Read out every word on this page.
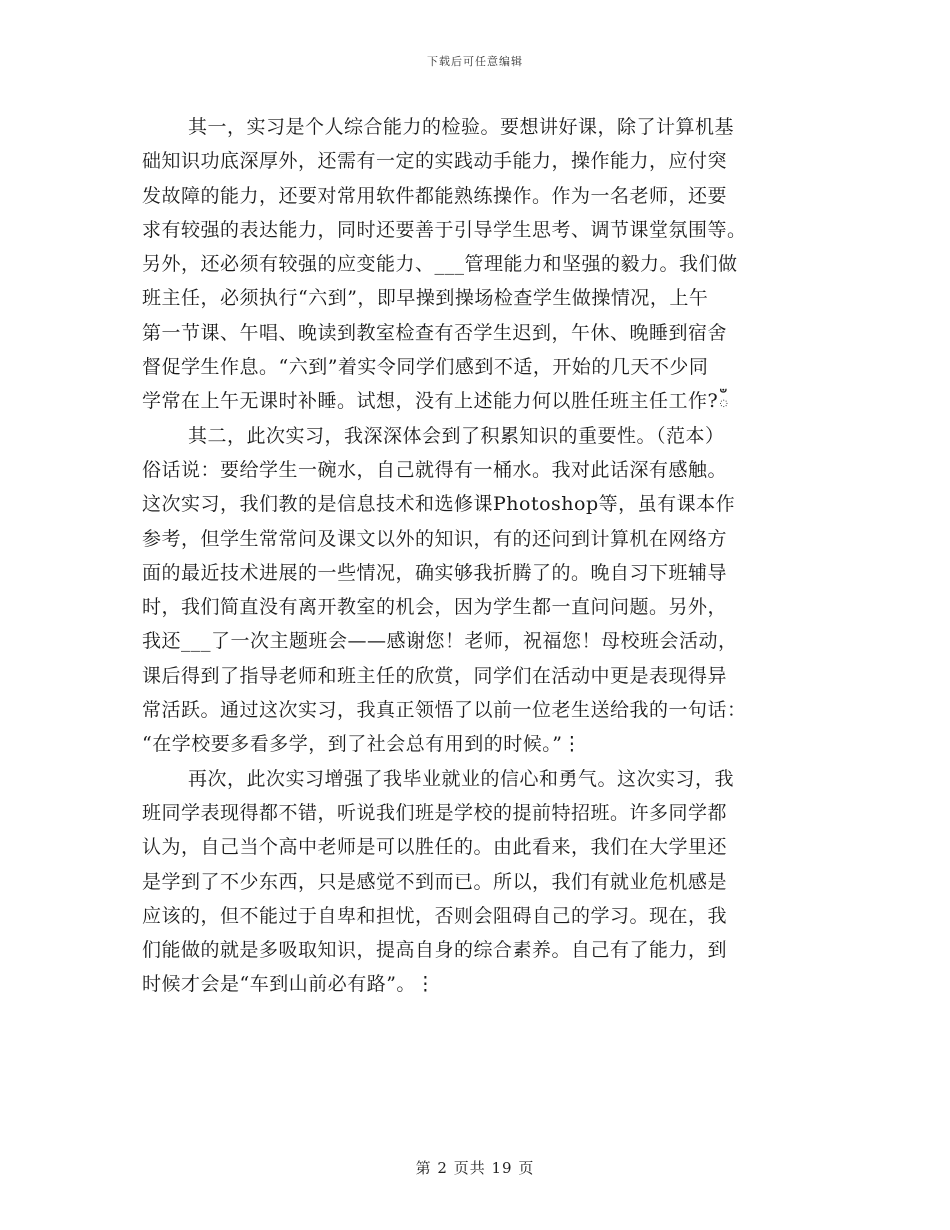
下载后可任意编辑
其一，实习是个人综合能力的检验。要想讲好课，除了计算机基
础知识功底深厚外，还需有一定的实践动手能力，操作能力，应付突
发故障的能力，还要对常用软件都能熟练操作。作为一名老师，还要
求有较强的表达能力，同时还要善于引导学生思考、调节课堂氛围等。
另外，还必须有较强的应变能力、___管理能力和坚强的毅力。我们做
班主任，必须执行“六到”，即早操到操场检查学生做操情况，上午
第一节课、午唱、晚读到教室检查有否学生迟到，午休、晚睡到宿舍
督促学生作息。“六到”着实令同学们感到不适，开始的几天不少同
学常在上午无课时补睡。试想，没有上述能力何以胜任班主任工作?ఀ
其二，此次实习，我深深体会到了积累知识的重要性。（范本）
俗话说：要给学生一碗水，自己就得有一桶水。我对此话深有感触。
这次实习，我们教的是信息技术和选修课Photoshop等，虽有课本作
参考，但学生常常问及课文以外的知识，有的还问到计算机在网络方
面的最近技术进展的一些情况，确实够我折腾了的。晚自习下班辅导
时，我们简直没有离开教室的机会，因为学生都一直问问题。另外，
我还___了一次主题班会——感谢您！老师，祝福您！母校班会活动，
课后得到了指导老师和班主任的欣赏，同学们在活动中更是表现得异
常活跃。通过这次实习，我真正领悟了以前一位老生送给我的一句话：
“在学校要多看多学，到了社会总有用到的时候。”⋮
再次，此次实习增强了我毕业就业的信心和勇气。这次实习，我
班同学表现得都不错，听说我们班是学校的提前特招班。许多同学都
认为，自己当个高中老师是可以胜任的。由此看来，我们在大学里还
是学到了不少东西，只是感觉不到而已。所以，我们有就业危机感是
应该的，但不能过于自卑和担忧，否则会阻碍自己的学习。现在，我
们能做的就是多吸取知识，提高自身的综合素养。自己有了能力，到
时候才会是“车到山前必有路”。⋮
第 2 页共 19 页
